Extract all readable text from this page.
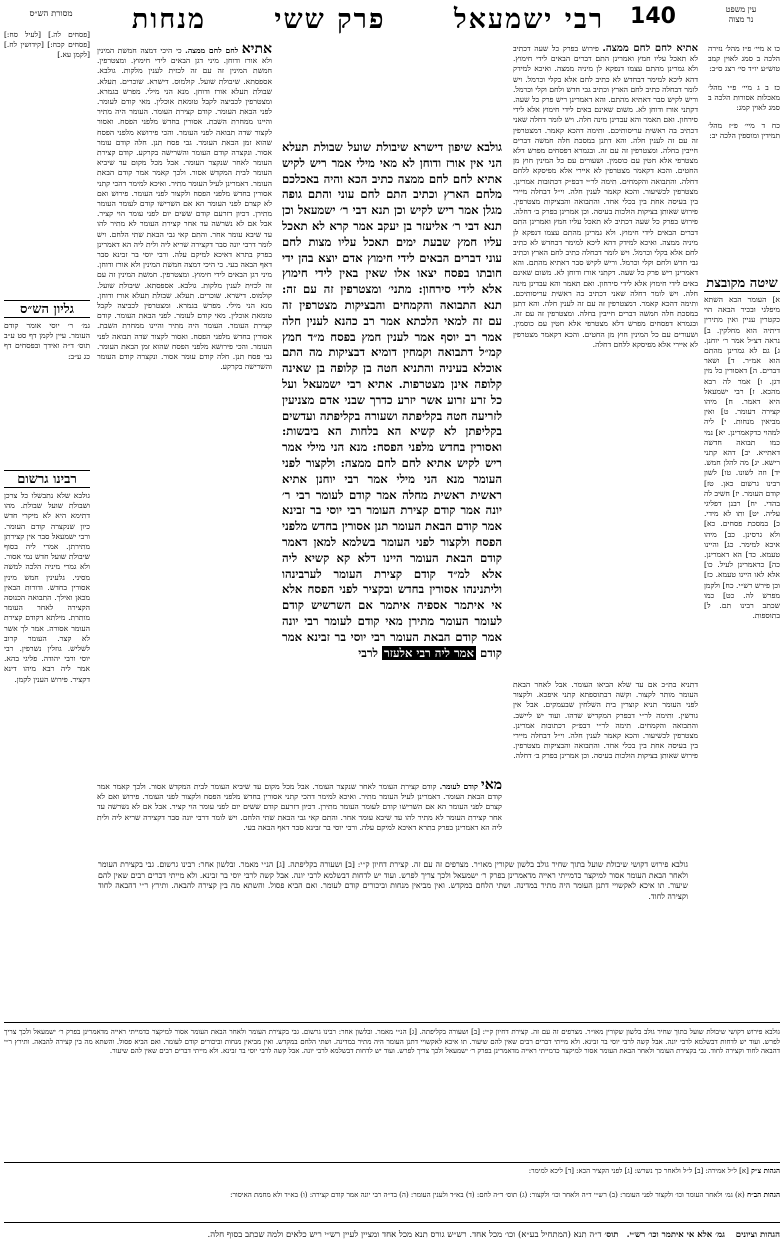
עין משפט
נר מצוה
140
רבי ישמעאל      פרק ששי      מנחות
מסורת הש״ס
כו א מיי׳ פ״ז מהל׳ נזירה הלכה ב סמג לאוין קמב טוש״ע יו״ד סי׳ רצג ס״ב:
כז ב ג מיי׳ פ״י מהל׳ מאכלות אסורות הלכה ב סמג לאוין קמג:
כח ד מיי׳ פ״ז מהל׳ תמידין ומוספין הלכה יב:
שיטה מקובצת
א] העומר הבא השתא מיפלגי ובכיר הבאה הוי כקטרין עניין ואין מתירין דיתיה הוא מחלקין. ב] נראה דצ״ל אמר ר׳ יוחנן. ג] גם לא גמרינן מהתם הוא אמ״ר. ד] ושאר דברים. ה] דאסורין כל מין דגן. ו] אמר לה רבא מהכא. ז] רבי ישמעאל היא דאמר. ח] מיהו קצירה דעומר. ט] ואין מביאין מנחות. י] ליה למהוי כדקאמרינן. יא] נמי כמו תבואה חדשה דאתייא. יב] דהא קתני רישא. יג] מה להלן חמש. יד] וזה לשונו. טו] לשון רבינו גרשום כאן. טז] קודם העומר. יז] חשיב לה בהדי. יח] רבנן דפליגי עליה. יט] ותו לא מידי. כ] במסכת פסחים. כא] ולא גרסינן. כב] מיהו איכא למימר. כג] והיינו טעמא. כד] הא דאמרינן. כה] כדאמרינן לעיל. כו] אלא לאו היינו טעמא. כז] וכן פירש רש״י. כח] ולקמן מפרש לה. כט] כמו שכתב רבינו תם. ל] בתוספות.
אתיא לחם לחם ממצה. פירוש בפרק כל שעה דכתיב לא תאכל עליו חמץ ואמרינן התם דברים הבאים לידי חימוץ. ולא גמרינן מהתם עצמו דנפקא לן מיניה ממצה. ואיכא למידק דהא ליכא למימר דבחדש לא כתיב לחם אלא בקלי וכרמל. ויש לומר דבחלה כתיב לחם הארץ וכתיב גבי חדש ולחם וקלי וכרמל. וריש לקיש סבר דאתיא מהתם. והא דאמרינן ריש פרק כל שעה. דקתני אורז ודוחן לא. משום שאינם באים לידי חימוץ אלא לידי סירחון. ואם תאמר והא עבדינן מינה חלה. ויש לומר דחלה שאני דכתיב בה ראשית עריסותיכם. ותימה דהכא קאמר. דמצטרפין זה עם זה לענין חלה. והא דתנן במסכת חלה חמשה דברים חייבין בחלה. ומצטרפין זה עם זה. ובגמרא דפסחים מפרש דלא מצטרפי אלא חטין עם כוסמין. ושעורים עם כל המינין חוץ מן החטים. והכא דקאמר מצטרפין לא איירי אלא מפיסקא ללחם דחלה. והתבואה והקמחים. תימה לר״י דבפ״ק דכתובות אמרינן. מצטרפין לכשיעור. והכא קאמר לענין חלה. וי״ל דבחלה מיירי בין בעיסה אחת בין בכלי אחד. והתבואה והבציקות מצטרפין. פירוש שאותן בציקות הולכות בעיסה. וכן אמרינן בפרק ב׳ דחלה. פירוש בפרק כל שעה דכתיב לא תאכל עליו חמץ ואמרינן התם דברים הבאים לידי חימוץ. ולא גמרינן מהתם עצמו דנפקא לן מיניה ממצה. ואיכא למידק דהא ליכא למימר דבחדש לא כתיב לחם אלא בקלי וכרמל. ויש לומר דבחלה כתיב לחם הארץ וכתיב גבי חדש ולחם וקלי וכרמל. וריש לקיש סבר דאתיא מהתם. והא דאמרינן ריש פרק כל שעה. דקתני אורז ודוחן לא. משום שאינם באים לידי חימוץ אלא לידי סירחון. ואם תאמר והא עבדינן מינה חלה. ויש לומר דחלה שאני דכתיב בה ראשית עריסותיכם. ותימה דהכא קאמר. דמצטרפין זה עם זה לענין חלה. והא דתנן במסכת חלה חמשה דברים חייבין בחלה. ומצטרפין זה עם זה. ובגמרא דפסחים מפרש דלא מצטרפי אלא חטין עם כוסמין. ושעורים עם כל המינין חוץ מן החטים. והכא דקאמר מצטרפין לא איירי אלא מפיסקא ללחם דחלה.
גולבא שיפון דישרא שיבולת שועל שבולת תעלא הני אין אורז ודוחן לא מאי מילי אמר ריש לקיש אתיא לחם לחם ממצה כתיב הכא והיה באכלכם מלחם הארץ וכתיב התם לחם עוני והתם גופה מגלן אמר ריש לקיש וכן תנא דבי ר׳ ישמעאל וכן תנא דבי ר׳ אליעזר בן יעקב אמר קרא לא תאכל עליו חמץ שבעת ימים תאכל עליו מצות לחם עוני דברים הבאים לידי חימוץ אדם יוצא בהן ידי חובתו בפסח יצאו אלו שאין באין לידי חימוץ אלא לידי סירחון: מתני׳ ומצטרפין זה עם זה: תנא התבואה והקמחים והבציקות מצטרפין זה עם זה למאי הלכתא אמר רב כהנא לענין חלה אמר רב יוסף אמר לענין חמץ בפסח מ״ד חמץ קמ״ל דתבואה וקמחין דומיא דבציקות מה התם אוכלא בעיניה והתניא חטה בן קלופה בן שאינה קלופה אינן מצטרפות. אתיא רבי ישמעאל ועל כל זרע זרוע אשר יזרע כדרך שבני אדם מצניעין לזריעה חטה בקליפתה ושעורה בקליפתה ועדשים בקליפתן לא קשיא הא בלחות הא ביבשות: ואסורין בחדש מלפני הפסח: מנא הני מילי אמר ריש לקיש אתיא לחם לחם ממצה: ולקצור לפני העומר מנא הני מילי אמר רבי יוחנן אתיא ראשית ראשית מחלה אמר קודם לעומר רבי ר׳ יונה אמר קודם קצירת העומר רבי יוסי בר זבינא אמר קודם הבאת העומר תנן אסורין בחדש מלפני הפסח ולקצור לפני העומר בשלמא למאן דאמר קודם הבאת העומר היינו דלא קא קשיא ליה אלא למ״ד קודם קצירת העומר לערבינהו וליתנינהו אסורין בחדש ובקציר לפני הפסח אלא אי איתמר אספיה איתמר אם השרשיש קודם לעומר העומר מתירן מאי קודם לעומר רבי יונה אמר קודם הבאת העומר רבי יוסי בר זבינא אמר קודם אמר ליה רבי אלעזר לרבי
אתיא לחם לחם ממצה. כי היכי דמצה חמשת המינין ולא אורז ודוחן. מיני דגן הבאים לידי חימוץ. ומצטרפין. חמשת המינין זה עם זה לכזית לענין מלקות. גולבא. אספסתא. שיבולת שועל. קולמוס. דישרא. שוכרים. תעלא. שבולת תעלא אורז ודוחן. מנא הני מילי. מפרש בגמרא. ומצטרפין לכביצה לקבל טומאת אוכלין. מאי קודם לעומר. לפני הבאת העומר. קודם קצירת העומר. העומר היה מתיר והיינו ממחרת השבת. אסורין בחדש מלפני הפסח. ואסור לקצור שדה תבואה לפני העומר. והכי פירושא מלפני הפסח שהוא זמן הבאת העומר. גבי פסח תנן. חלה קודם עומר אסור. ונקצרה קודם העומר והשרישה בקרקע. קודם קצירת העומר לאחר שנקצר העומר. אבל מכל מקום עד שיביא העומר לבית המקדש אסור. ולכך קאמר אמר קודם הבאת העומר. דאמרינן לעיל העומר מתיר. ואיכא למימר דהכי קתני אסורין בחדש מלפני הפסח ולקצור לפני העומר. פירוש ואם לא קצרם לפני העומר הא אם השרישו קודם לעומר העומר מתירן. דכיון דזרעם קודם ששים יום לפני עומר הוי קציר. אבל אם לא נשרשה עד אחר קצירת העומר לא מתיר להו עד שיבא עומר אחר. והתם קאי גבי הבאת שתי הלחם. ויש לומר דרבי יונה סבר דקצירה שריא ליה ולית ליה הא דאמרינן בפרק בתרא דאיכא למיקם עלה. ורבי יוסי בר זבינא סבר דאף הבאה בעי. כי היכי דמצה חמשת המינין ולא אורז ודוחן. מיני דגן הבאים לידי חימוץ. ומצטרפין. חמשת המינין זה עם זה לכזית לענין מלקות. גולבא. אספסתא. שיבולת שועל. קולמוס. דישרא. שוכרים. תעלא. שבולת תעלא אורז ודוחן. מנא הני מילי. מפרש בגמרא. ומצטרפין לכביצה לקבל טומאת אוכלין. מאי קודם לעומר. לפני הבאת העומר. קודם קצירת העומר. העומר היה מתיר והיינו ממחרת השבת. אסורין בחדש מלפני הפסח. ואסור לקצור שדה תבואה לפני העומר. והכי פירושא מלפני הפסח שהוא זמן הבאת העומר. גבי פסח תנן. חלה קודם עומר אסור. ונקצרה קודם העומר והשרישה בקרקע.
[פסחים לה.] [לעיל סח:] [פסחים קכח:] [קידושין לח.] [לקמן עא.]
גליון הש״ס
גמ׳ ר׳ יוסי אומר קודם העומר. עיין לקמן דף סט ע״ב תוס׳ ד״ה ואידך ובפסחים דף כג ע״ב:
רבינו גרשום
גולבא שלא נתבשלו כל צרכן ושבולת שועל שבולת. מהו דתימא היא לא מיקרי חדש כיון שנקצרה קודם העומר. ורבי ישמעאל סבר אין קצירתן מתירתן. אמרי ליה בסוף שיבולת שועל חדש נמי אסור. ולא גמרי מיניה הלכה למשה מסיני. גלעינין חמש מינין אסורין בחדש. ודורות הבאין מכאן ואילך. התבואה הכנוסה הקצירה לאחר העומר מותרת. מילתא דקודם קצירת העומר אסורה. אמר לך אשר לא קצר. העומר קרוב לשליש. גוזלין נשרפין. רבי יוסי ורבי יהודה. פליגי בהא. אמר ליה רבא מיהו דינא דקציר. פירוש הענין לקמן.
מאי קודם לעומר. קודם קצירת העומר לאחר שנקצר העומר. אבל מכל מקום עד שיביא העומר לבית המקדש אסור. ולכך קאמר אמר קודם הבאת העומר. דאמרינן לעיל העומר מתיר. ואיכא למימר דהכי קתני אסורין בחדש מלפני הפסח ולקצור לפני העומר. פירוש ואם לא קצרם לפני העומר הא אם השרישו קודם לעומר העומר מתירן. דכיון דזרעם קודם ששים יום לפני עומר הוי קציר. אבל אם לא נשרשה עד אחר קצירת העומר לא מתיר להו עד שיבא עומר אחר. והתם קאי גבי הבאת שתי הלחם. ויש לומר דרבי יונה סבר דקצירה שריא ליה ולית ליה הא דאמרינן בפרק בתרא דאיכא למיקם עלה. ורבי יוסי בר זבינא סבר דאף הבאה בעי.
דתניא בת״כ אם עד שלא הביאו העומר. אבל לאחר הבאת העומר מותר לקצור. וקשה דבתוספתא קתני איפכא. ולקצור לפני העומר תניא קוצרין בית השלחין שבעמקים. אבל אין גודשין. ותימה לר״י דבפרק המקדיש שדהו. ועוד יש ליישב. והתבואה והקמחים. תימה לר״י דבפ״ק דכתובות אמרינן. מצטרפין לכשיעור. והכא קאמר לענין חלה. וי״ל דבחלה מיירי בין בעיסה אחת בין בכלי אחד. והתבואה והבציקות מצטרפין. פירוש שאותן בציקות הולכות בעיסה. וכן אמרינן בפרק ב׳ דחלה.
גולבא פירוש דקושי שיבולת שועל בתוך שחיר גולב בלשון שקורין מאו״ר. מצרפים זה עם זה. קצירת דחיון ק״י: [ב] ושעורה בקליפתה. [ג] הנ״י מאמר. ובלשון אחר: רבינו גרשום. גבי בקצירת העומר ולאחר הבאת העומר אסור למיקצר כדמייתי ראייה מדאמרינן בפרק ר׳ ישמעאל ולכך צריך לפרש. ועוד יש לדחות דבשלמא לרבי יונה. אבל קשה לרבי יוסי בר זבינא. ולא מייתי דברים רבים שאין להם שיעור. תו איכא לאקשויי דתנן העומר היה מתיר במדינה. ושתי הלחם במקדש. ואין מביאין מנחות וביכורים קודם לעומר. ואם הביא פסול. והשתא מה בין קצירה להבאה. ותירץ ר״י דהבאה לחוד וקצירה לחוד.
גולבא פירוש דקושי שיבולת שועל בתוך שחיר גולב בלשון שקורין מאו״ר. מצרפים זה עם זה. קצירת דחיון ק״י: [ב] ושעורה בקליפתה. [ג] הנ״י מאמר. ובלשון אחר: רבינו גרשום. גבי בקצירת העומר ולאחר הבאת העומר אסור למיקצר כדמייתי ראייה מדאמרינן בפרק ר׳ ישמעאל ולכך צריך לפרש. ועוד יש לדחות דבשלמא לרבי יונה. אבל קשה לרבי יוסי בר זבינא. ולא מייתי דברים רבים שאין להם שיעור. תו איכא לאקשויי דתנן העומר היה מתיר במדינה. ושתי הלחם במקדש. ואין מביאין מנחות וביכורים קודם לעומר. ואם הביא פסול. והשתא מה בין קצירה להבאה. ותירץ ר״י דהבאה לחוד וקצירה לחוד. גבי בקצירת העומר ולאחר הבאת העומר אסור למיקצר כדמייתי ראייה מדאמרינן בפרק ר׳ ישמעאל ולכך צריך לפרש. ועוד יש לדחות דבשלמא לרבי יונה. אבל קשה לרבי יוסי בר זבינא. ולא מייתי דברים רבים שאין להם שיעור.
הגהות צ״ק [א] ל״ל אמירה: [ב] ל״ל ולאחר כך נשרש: [ג] לפני הקציר הכא: [ד] ליכא למימר:
הגהות הב״ח (א) גמ׳ ולאחר העומר וכו׳ ולקצור לפני העומר: (ב) רש״י ד״ה ולאחר וכו׳ ולקצור: (ג) תוס׳ ד״ה לחם: (ד) בא״ד ולענין העומר: (ה) בד״ה רבי יונה אמר קודם קצירה: (ו) בא״ד ולא מחמת האיסור:
הגהות וציונים    גמ׳ אלא אי איתמר וכו׳ רש״י.   תוס׳ ד״ה תנא (המתחיל בע״א) וכו׳ מכל אחד. רש״ש גורס תנא מכל אחד ומציין לעיין רש״י ריש כלאים ולמה שכתב בסוף חלה.
